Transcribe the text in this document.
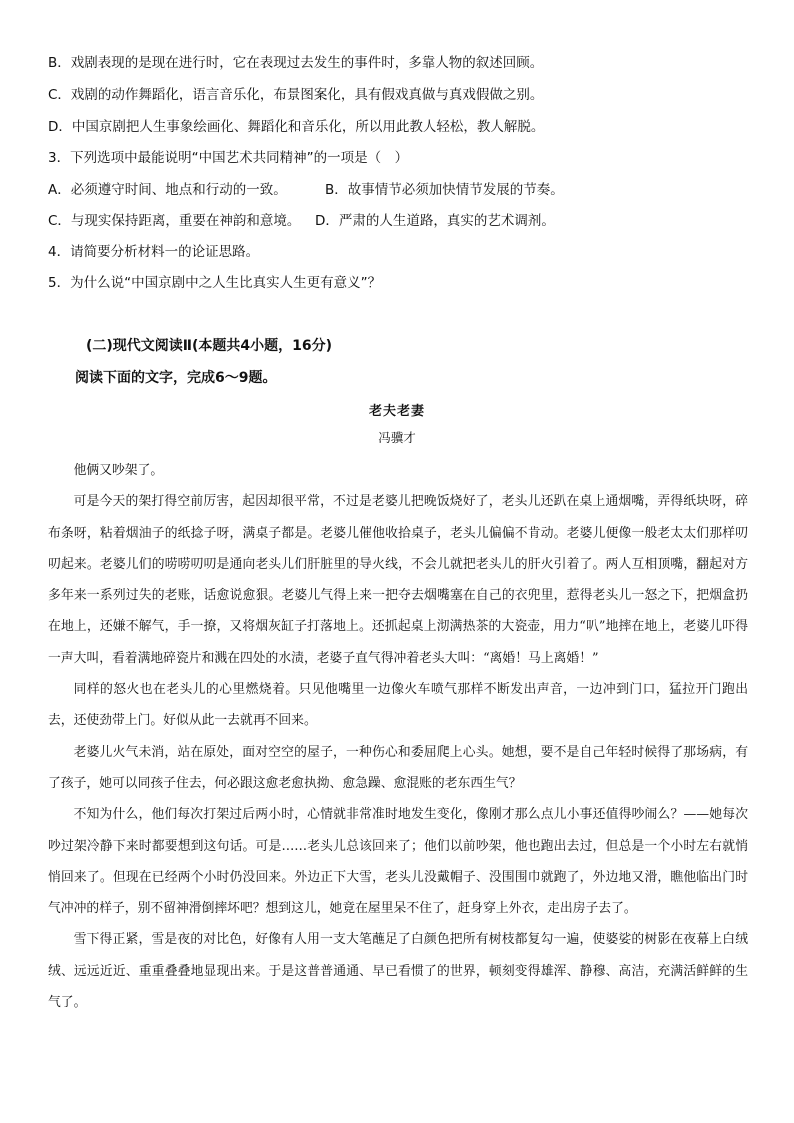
B．戏剧表现的是现在进行时，它在表现过去发生的事件时，多靠人物的叙述回顾。
C．戏剧的动作舞蹈化，语言音乐化，布景图案化，具有假戏真做与真戏假做之别。
D．中国京剧把人生事象绘画化、舞蹈化和音乐化，所以用此教人轻松，教人解脱。
3．下列选项中最能说明“中国艺术共同精神”的一项是（　）
A．必须遵守时间、地点和行动的一致。	B．故事情节必须加快情节发展的节奏。
C．与现实保持距离，重要在神韵和意境。 D．严肃的人生道路，真实的艺术调剂。
4．请简要分析材料一的论证思路。
5．为什么说“中国京剧中之人生比真实人生更有意义”？
(二)现代文阅读Ⅱ(本题共4小题，16分)
阅读下面的文字，完成6～9题。
老夫老妻
冯骥才

他俩又吵架了。

可是今天的架打得空前厉害，起因却很平常，不过是老婆儿把晚饭烧好了，老头儿还趴在桌上通烟嘴，弄得纸块呀，碎布条呀，粘着烟油子的纸捻子呀，满桌子都是。老婆儿催他收拾桌子，老头儿偏偏不肯动。老婆儿便像一般老太太们那样叨叨起来。老婆儿们的唠唠叨叨是通向老头儿们肝脏里的导火线，不会儿就把老头儿的肝火引着了。两人互相顶嘴，翻起对方多年来一系列过失的老账，话愈说愈狠。老婆儿气得上来一把夺去烟嘴塞在自己的衣兜里，惹得老头儿一怒之下，把烟盒扔在地上，还嫌不解气，手一撩，又将烟灰缸子打落地上。还抓起桌上沏满热茶的大瓷壶，用力“叭”地摔在地上，老婆儿吓得一声大叫，看着满地碎瓷片和溅在四处的水渍，老婆子直气得冲着老头大叫：“离婚！马上离婚！”

同样的怒火也在老头儿的心里燃烧着。只见他嘴里一边像火车喷气那样不断发出声音，一边冲到门口，猛拉开门跑出去，还使劲带上门。好似从此一去就再不回来。

老婆儿火气未消，站在原处，面对空空的屋子，一种伤心和委屈爬上心头。她想，要不是自己年轻时候得了那场病，有了孩子，她可以同孩子住去，何必跟这愈老愈执拗、愈急躁、愈混账的老东西生气？

不知为什么，他们每次打架过后两小时，心情就非常准时地发生变化，像刚才那么点儿小事还值得吵闹么？——她每次吵过架冷静下来时都要想到这句话。可是……老头儿总该回来了；他们以前吵架，他也跑出去过，但总是一个小时左右就悄悄回来了。但现在已经两个小时仍没回来。外边正下大雪，老头儿没戴帽子、没围围巾就跑了，外边地又滑，瞧他临出门时气冲冲的样子，别不留神滑倒摔坏吧？想到这儿，她竟在屋里呆不住了，赶身穿上外衣，走出房子去了。

雪下得正紧，雪是夜的对比色，好像有人用一支大笔蘸足了白颜色把所有树枝都复勾一遍，使婆娑的树影在夜幕上白绒绒、远远近近、重重叠叠地显现出来。于是这普普通通、早已看惯了的世界，顿刻变得雄浑、静穆、高洁，充满活鲜鲜的生气了。
